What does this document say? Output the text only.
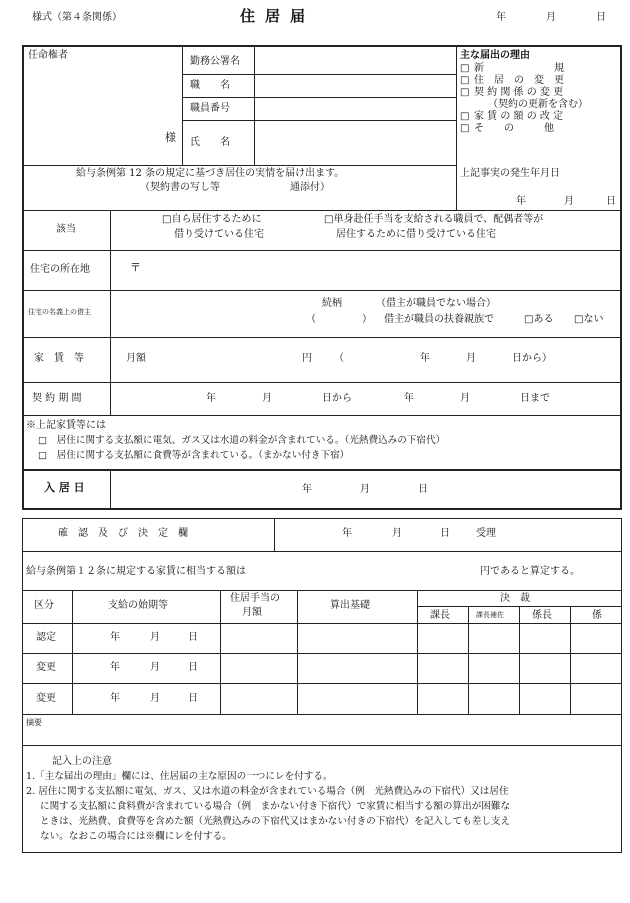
様式（第４条関係）	住居届	年	月	日
任命権者
様
勤務公署名
職　　名
職員番号
氏　　名
給与条例第 12 条の規定に基づき居住の実情を届け出ます。
（契約書の写し等	通添付）
主な届出の理由
□ 新　　　　　　　規
□ 住　居　の　変　更
□ 契 約 関 係 の 変 更
（契約の更新を含む）
□ 家 賃 の 額 の 改 定
□ そ　　の　　　他
上記事実の発生年月日
年	月	日
該当
□自ら居住するために
借り受けている住宅
□単身赴任手当を支給される職員で、配偶者等が
居住するために借り受けている住宅
住宅の所在地	〒
住宅の名義上の借主
続柄	（借主が職員でない場合）
（	） 借主が職員の扶養親族で	□ある □ない
家　賃　等	月額	円 （	年	月	日から）
契 約 期 間	年	月	日から	年	月	日まで
※上記家賃等には
□　居住に関する支払額に電気、ガス又は水道の料金が含まれている。（光熱費込みの下宿代）
□　居住に関する支払額に食費等が含まれている。（まかない付き下宿）
入 居 日	年	月	日
確　認　及　び　決　定　欄	年	月	日	受理
給与条例第１２条に規定する家賃に相当する額は	円であると算定する。
区分	支給の始期等
住居手当の
月額
算出基礎
決　裁
課長	課長補佐	係長	係
認定	年	月	日
変更	年	月	日
変更	年	月	日
摘要
記入上の注意
1.「主な届出の理由」欄には、住居届の主な原因の一つにレを付する。
2. 居住に関する支払額に電気、ガス、又は水道の料金が含まれている場合（例　光熱費込みの下宿代）又は居住
に関する支払額に食料費が含まれている場合（例　まかない付き下宿代）で家賃に相当する額の算出が困難な
ときは、光熱費、食費等を含めた額（光熱費込みの下宿代又はまかない付きの下宿代）を記入しても差し支え
ない。なおこの場合には※欄にレを付する。
